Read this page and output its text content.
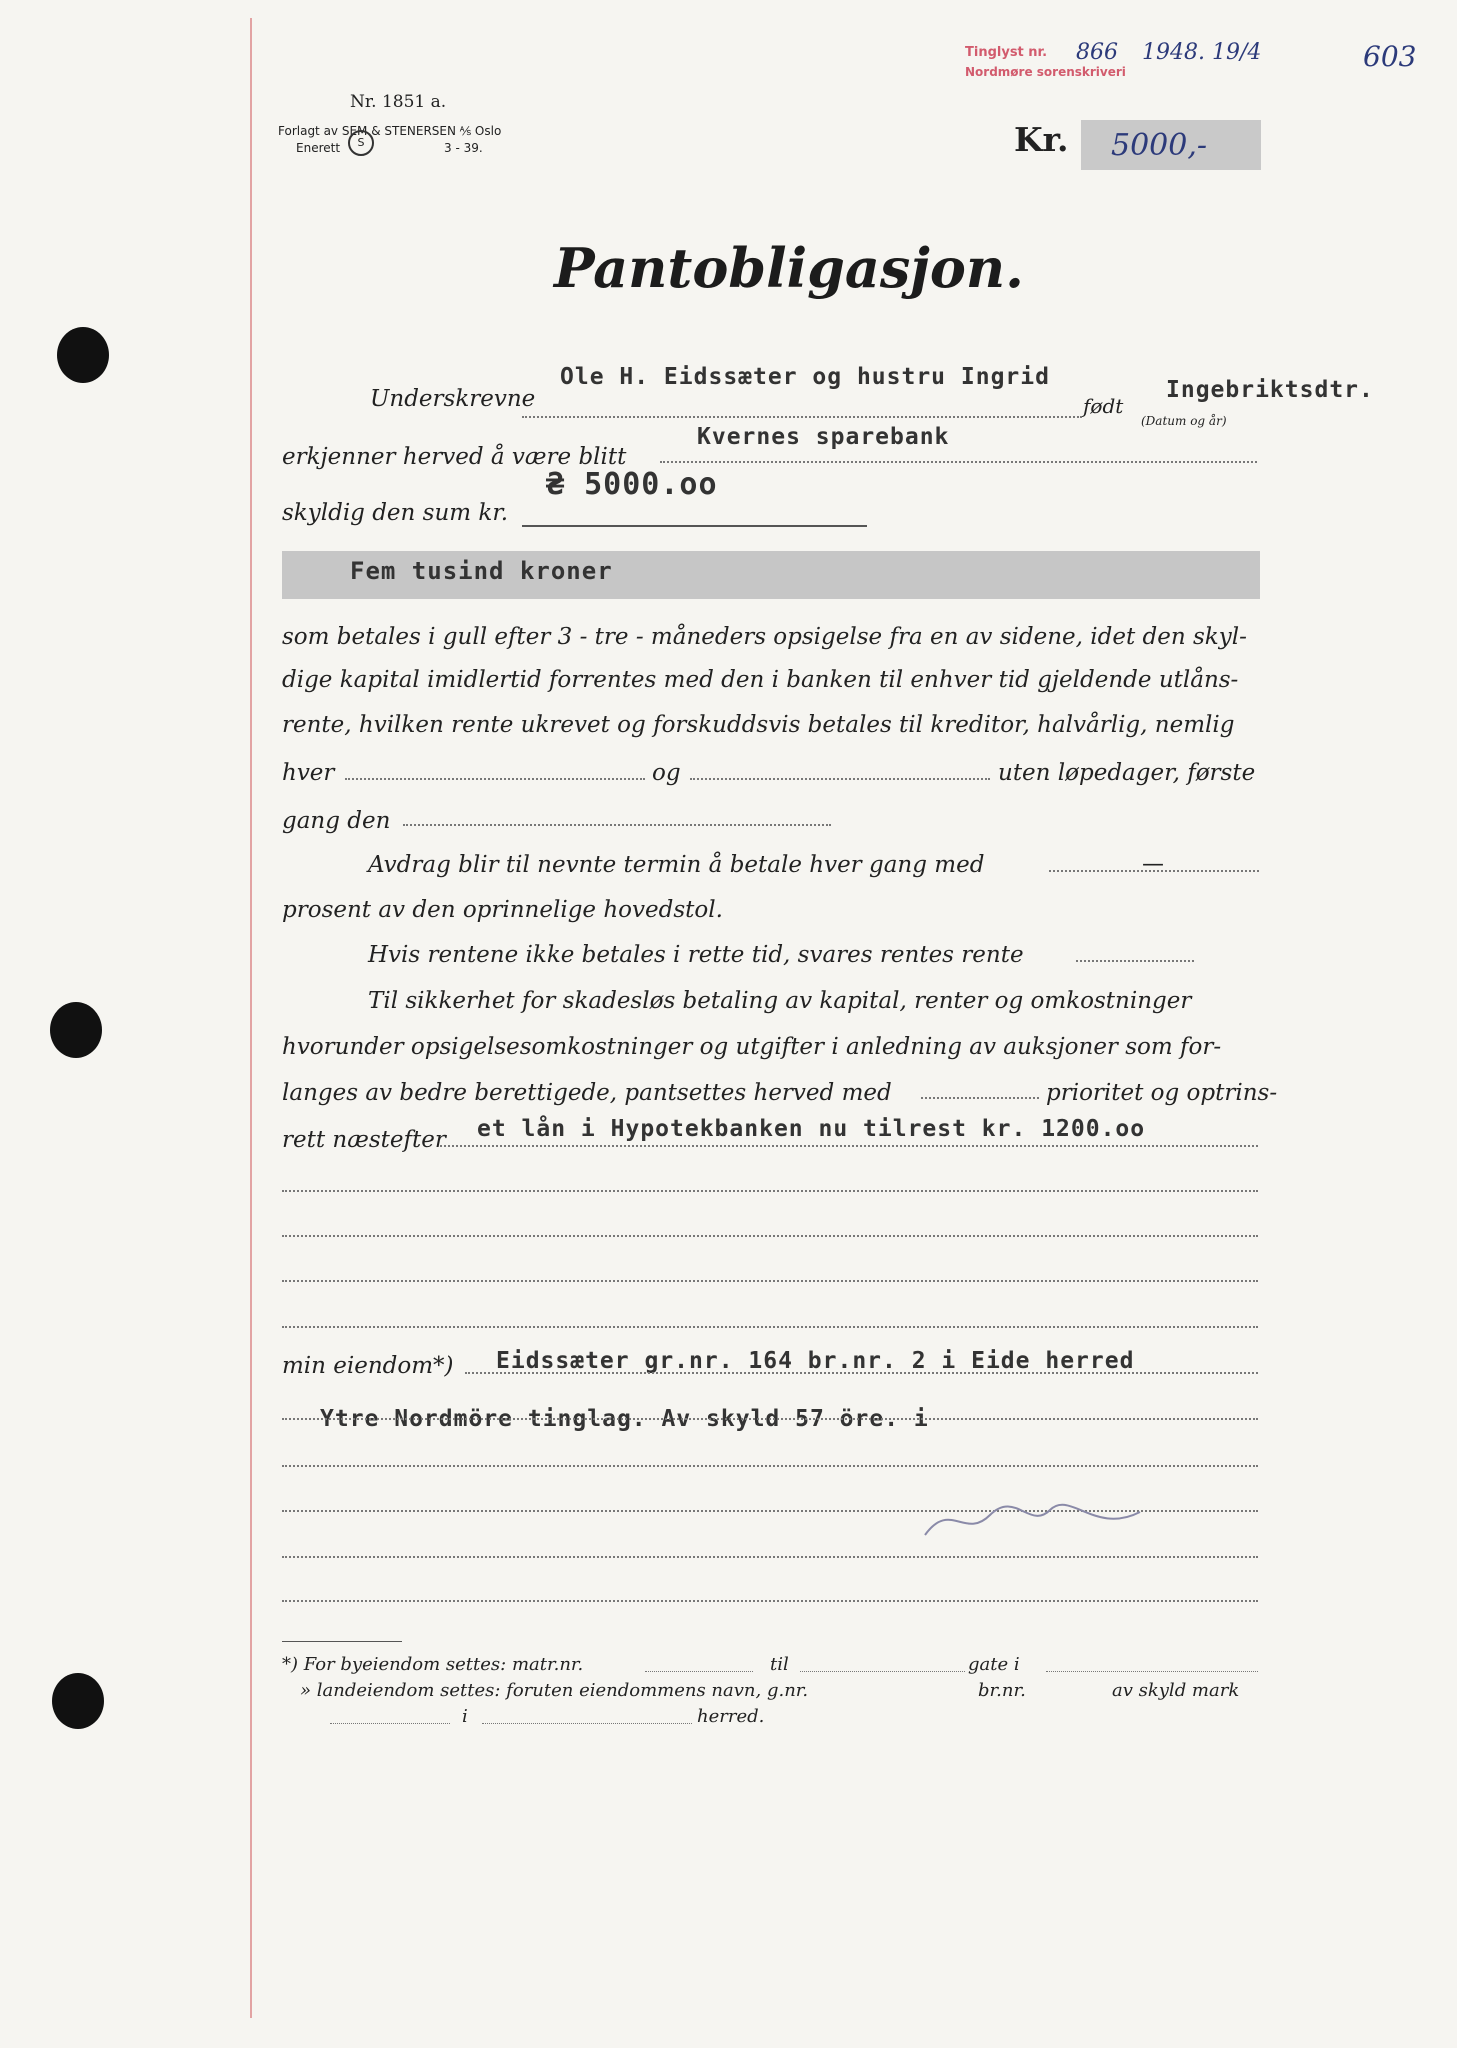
Nr. 1851 a.
Forlagt av SEM & STENERSEN ⅍ Oslo
Enerett	3 - 39.
S	Kr. 5000,-
Tinglyst nr.
Nordmøre sorenskriveri
866 1948. 19/4	603
Pantobligasjon.
Ole H. Eidssæter og hustru Ingrid	Ingebriktsdtr.
Underskrevne	født
(Datum og år)
Kvernes sparebank
erkjenner herved å være blitt
₴ 5000.oo
skyldig den sum kr.
Fem tusind kroner
som betales i gull efter 3 - tre - måneders opsigelse fra en av sidene, idet den skyl-
dige kapital imidlertid forrentes med den i banken til enhver tid gjeldende utlåns-
rente, hvilken rente ukrevet og forskuddsvis betales til kreditor, halvårlig, nemlig
hver	og	uten løpedager, første
gang den
Avdrag blir til nevnte termin å betale hver gang med	—
prosent av den oprinnelige hovedstol.
Hvis rentene ikke betales i rette tid, svares rentes rente
Til sikkerhet for skadesløs betaling av kapital, renter og omkostninger
hvorunder opsigelsesomkostninger og utgifter i anledning av auksjoner som for-
langes av bedre berettigede, pantsettes herved med	prioritet og optrins-
et lån i Hypotekbanken nu tilrest kr. 1200.oo
rett næstefter
Eidssæter gr.nr. 164 br.nr. 2 i Eide herred
min eiendom*)
Ytre Nordmöre tinglag. Av skyld 57 öre. i
*) For byeiendom settes: matr.nr.	til	gate i
» landeiendom settes: foruten eiendommens navn, g.nr.	br.nr.	av skyld mark
i	herred.
